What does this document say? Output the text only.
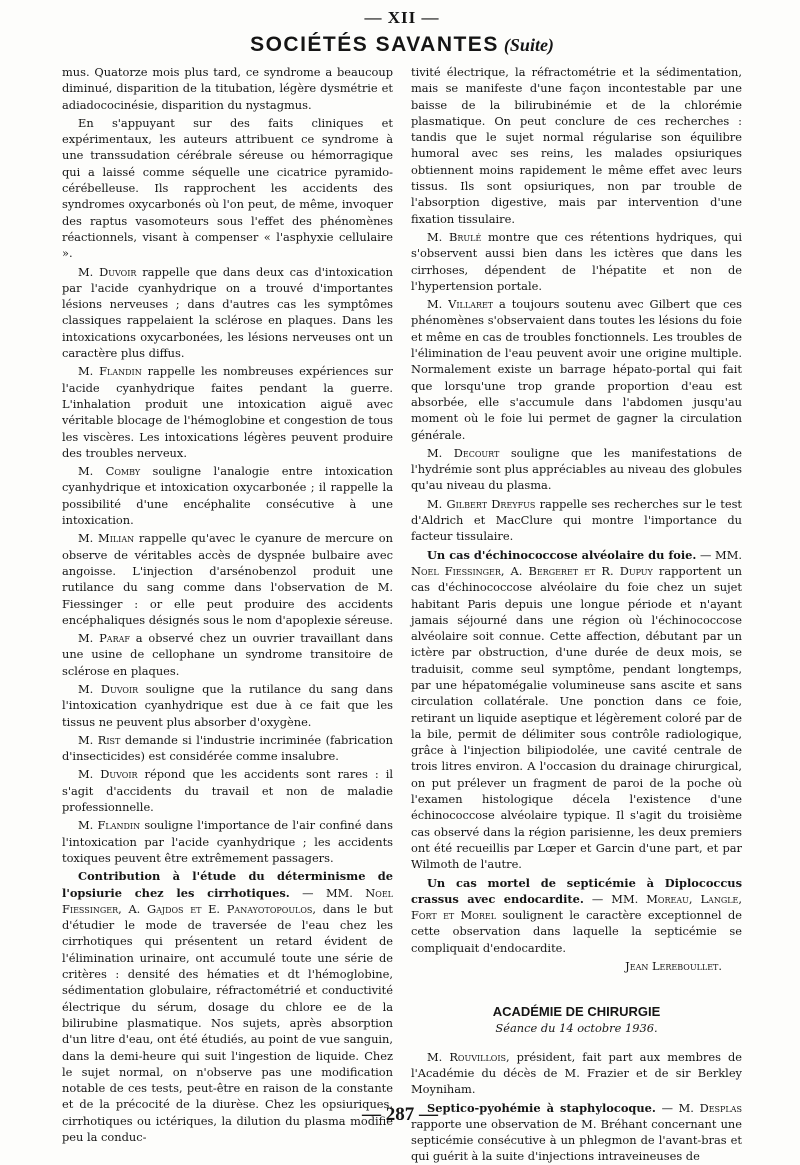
— XII —
SOCIÉTÉS SAVANTES (Suite)

mus. Quatorze mois plus tard, ce syndrome a beaucoup diminué, disparition de la titubation, légère dysmétrie et adiadococinésie, disparition du nystagmus.

En s'appuyant sur des faits cliniques et expérimentaux, les auteurs attribuent ce syndrome à une transsudation cérébrale séreuse ou hémorragique qui a laissé comme séquelle une cicatrice pyramido-cérébelleuse. Ils rapprochent les accidents des syndromes oxycarbonés où l'on peut, de même, invoquer des raptus vasomoteurs sous l'effet des phénomènes réactionnels, visant à compenser « l'asphyxie cellulaire ».

M. Duvoir rappelle que dans deux cas d'intoxication par l'acide cyanhydrique on a trouvé d'importantes lésions nerveuses ; dans d'autres cas les symptômes classiques rappelaient la sclérose en plaques. Dans les intoxications oxycarbonées, les lésions nerveuses ont un caractère plus diffus.

M. Flandin rappelle les nombreuses expériences sur l'acide cyanhydrique faites pendant la guerre. L'inhalation produit une intoxication aiguë avec véritable blocage de l'hémoglobine et congestion de tous les viscères. Les intoxications légères peuvent produire des troubles nerveux.

M. Comby souligne l'analogie entre intoxication cyanhydrique et intoxication oxycarbonée ; il rappelle la possibilité d'une encéphalite consécutive à une intoxication.

M. Milian rappelle qu'avec le cyanure de mercure on observe de véritables accès de dyspnée bulbaire avec angoisse. L'injection d'arsénobenzol produit une rutilance du sang comme dans l'observation de M. Fiessinger : or elle peut produire des accidents encéphaliques désignés sous le nom d'apoplexie séreuse.

M. Paraf a observé chez un ouvrier travaillant dans une usine de cellophane un syndrome transitoire de sclérose en plaques.

M. Duvoir souligne que la rutilance du sang dans l'intoxication cyanhydrique est due à ce fait que les tissus ne peuvent plus absorber d'oxygène.

M. Rist demande si l'industrie incriminée (fabrication d'insecticides) est considérée comme insalubre.

M. Duvoir répond que les accidents sont rares : il s'agit d'accidents du travail et non de maladie professionnelle.

M. Flandin souligne l'importance de l'air confiné dans l'intoxication par l'acide cyanhydrique ; les accidents toxiques peuvent être extrêmement passagers.

Contribution à l'étude du déterminisme de l'opsiurie chez les cirrhotiques. — MM. Noel Fiessinger, A. Gajdos et E. Panayotopoulos, dans le but d'étudier le mode de traversée de l'eau chez les cirrhotiques qui présentent un retard évident de l'élimination urinaire, ont accumulé toute une série de critères : densité des hématies et dt l'hémoglobine, sédimentation globulaire, réfractométrié et conductivité électrique du sérum, dosage du chlore ee de la bilirubine plasmatique. Nos sujets, après absorption d'un litre d'eau, ont été étudiés, au point de vue sanguin, dans la demi-heure qui suit l'ingestion de liquide. Chez le sujet normal, on n'observe pas une modification notable de ces tests, peut-être en raison de la constante et de la précocité de la diurèse. Chez les opsiuriques, cirrhotiques ou ictériques, la dilution du plasma modifie peu la conduc-

tivité électrique, la réfractométrie et la sédimentation, mais se manifeste d'une façon incontestable par une baisse de la bilirubinémie et de la chlorémie plasmatique. On peut conclure de ces recherches : tandis que le sujet normal régularise son équilibre humoral avec ses reins, les malades opsiuriques obtiennent moins rapidement le même effet avec leurs tissus. Ils sont opsiuriques, non par trouble de l'absorption digestive, mais par intervention d'une fixation tissulaire.

M. Brulé montre que ces rétentions hydriques, qui s'observent aussi bien dans les ictères que dans les cirrhoses, dépendent de l'hépatite et non de l'hypertension portale.

M. Villaret a toujours soutenu avec Gilbert que ces phénomènes s'observaient dans toutes les lésions du foie et même en cas de troubles fonctionnels. Les troubles de l'élimination de l'eau peuvent avoir une origine multiple. Normalement existe un barrage hépato-portal qui fait que lorsqu'une trop grande proportion d'eau est absorbée, elle s'accumule dans l'abdomen jusqu'au moment où le foie lui permet de gagner la circulation générale.

M. Decourt souligne que les manifestations de l'hydrémie sont plus appréciables au niveau des globules qu'au niveau du plasma.

M. Gilbert Dreyfus rappelle ses recherches sur le test d'Aldrich et MacClure qui montre l'importance du facteur tissulaire.

Un cas d'échinococcose alvéolaire du foie. — MM. Noel Fiessinger, A. Bergeret et R. Dupuy rapportent un cas d'échinococcose alvéolaire du foie chez un sujet habitant Paris depuis une longue période et n'ayant jamais séjourné dans une région où l'échinococcose alvéolaire soit connue. Cette affection, débutant par un ictère par obstruction, d'une durée de deux mois, se traduisit, comme seul symptôme, pendant longtemps, par une hépatomégalie volumineuse sans ascite et sans circulation collatérale. Une ponction dans ce foie, retirant un liquide aseptique et légèrement coloré par de la bile, permit de délimiter sous contrôle radiologique, grâce à l'injection bilipiodolée, une cavité centrale de trois litres environ. A l'occasion du drainage chirurgical, on put prélever un fragment de paroi de la poche où l'examen histologique décela l'existence d'une échinococcose alvéolaire typique. Il s'agit du troisième cas observé dans la région parisienne, les deux premiers ont été recueillis par Lœper et Garcin d'une part, et par Wilmoth de l'autre.

Un cas mortel de septicémie à Diplococcus crassus avec endocardite. — MM. Moreau, Langle, Fort et Morel soulignent le caractère exceptionnel de cette observation dans laquelle la septicémie se compliquait d'endocardite.

Jean Lereboullet.

ACADÉMIE DE CHIRURGIE
Séance du 14 octobre 1936.

M. Rouvillois, président, fait part aux membres de l'Académie du décès de M. Frazier et de sir Berkley Moyniham.

Septico-pyohémie à staphylocoque. — M. Desplas rapporte une observation de M. Bréhant concernant une septicémie consécutive à un phlegmon de l'avant-bras et qui guérit à la suite d'injections intraveineuses de

— 287 —
